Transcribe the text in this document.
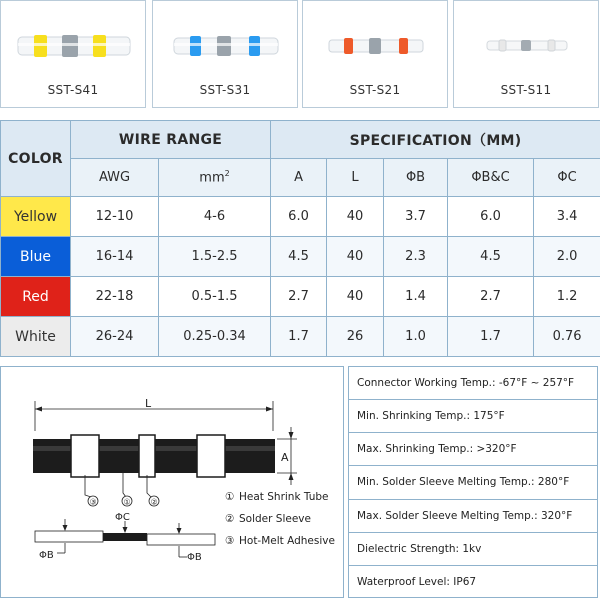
SST-S41	SST-S31	SST-S21	SST-S11
COLOR	WIRE RANGE		SPECIFICATION（MM)				
	AWG	$mm^2$	A	L	ΦB	ΦB&C	ΦC
Yellow	12-10	4-6	6.0	40	3.7	6.0	3.4
Blue	16-14	1.5-2.5	4.5	40	2.3	4.5	2.0
Red	22-18	0.5-1.5	2.7	40	1.4	2.7	1.2
White	26-24	0.25-0.34	1.7	26	1.0	1.7	0.76
L
A
③	① ②
ΦC
ΦB	ΦB
① Heat Shrink Tube
② Solder Sleeve
③ Hot-Melt Adhesive
Connector Working Temp.: -67°F ~ 257°F
Min. Shrinking Temp.: 175°F
Max. Shrinking Temp.: >320°F
Min. Solder Sleeve Melting Temp.: 280°F
Max. Solder Sleeve Melting Temp.: 320°F
Dielectric Strength: 1kv
Waterproof Level: IP67
